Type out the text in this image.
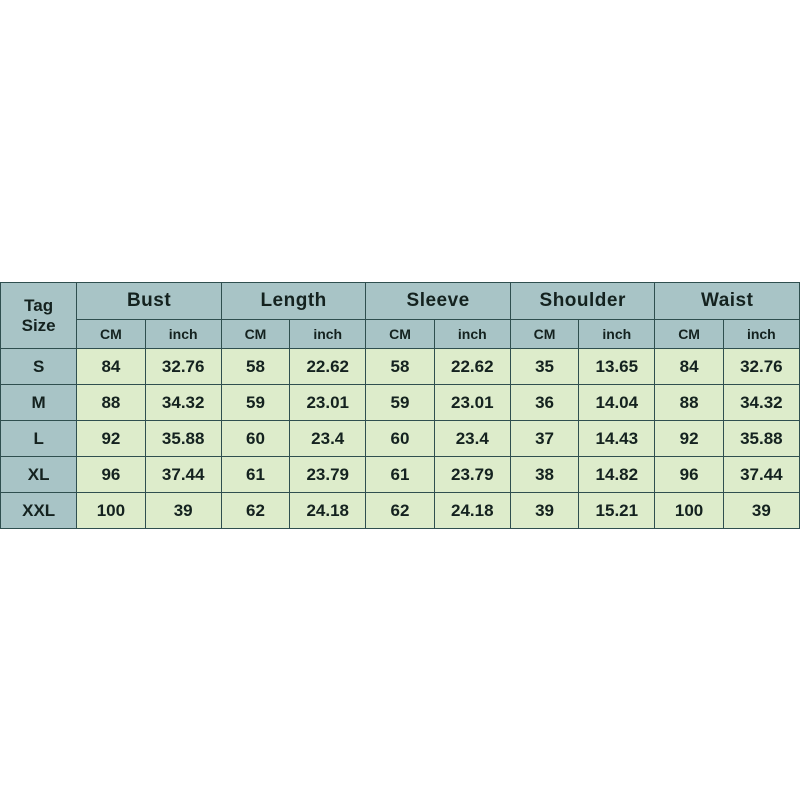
Tag
Size	Bust		Length		Sleeve		Shoulder		Waist	
	CM	inch	CM	inch	CM	inch	CM	inch	CM	inch
S	84	32.76	58	22.62	58	22.62	35	13.65	84	32.76
M	88	34.32	59	23.01	59	23.01	36	14.04	88	34.32
L	92	35.88	60	23.4	60	23.4	37	14.43	92	35.88
XL	96	37.44	61	23.79	61	23.79	38	14.82	96	37.44
XXL	100	39	62	24.18	62	24.18	39	15.21	100	39
